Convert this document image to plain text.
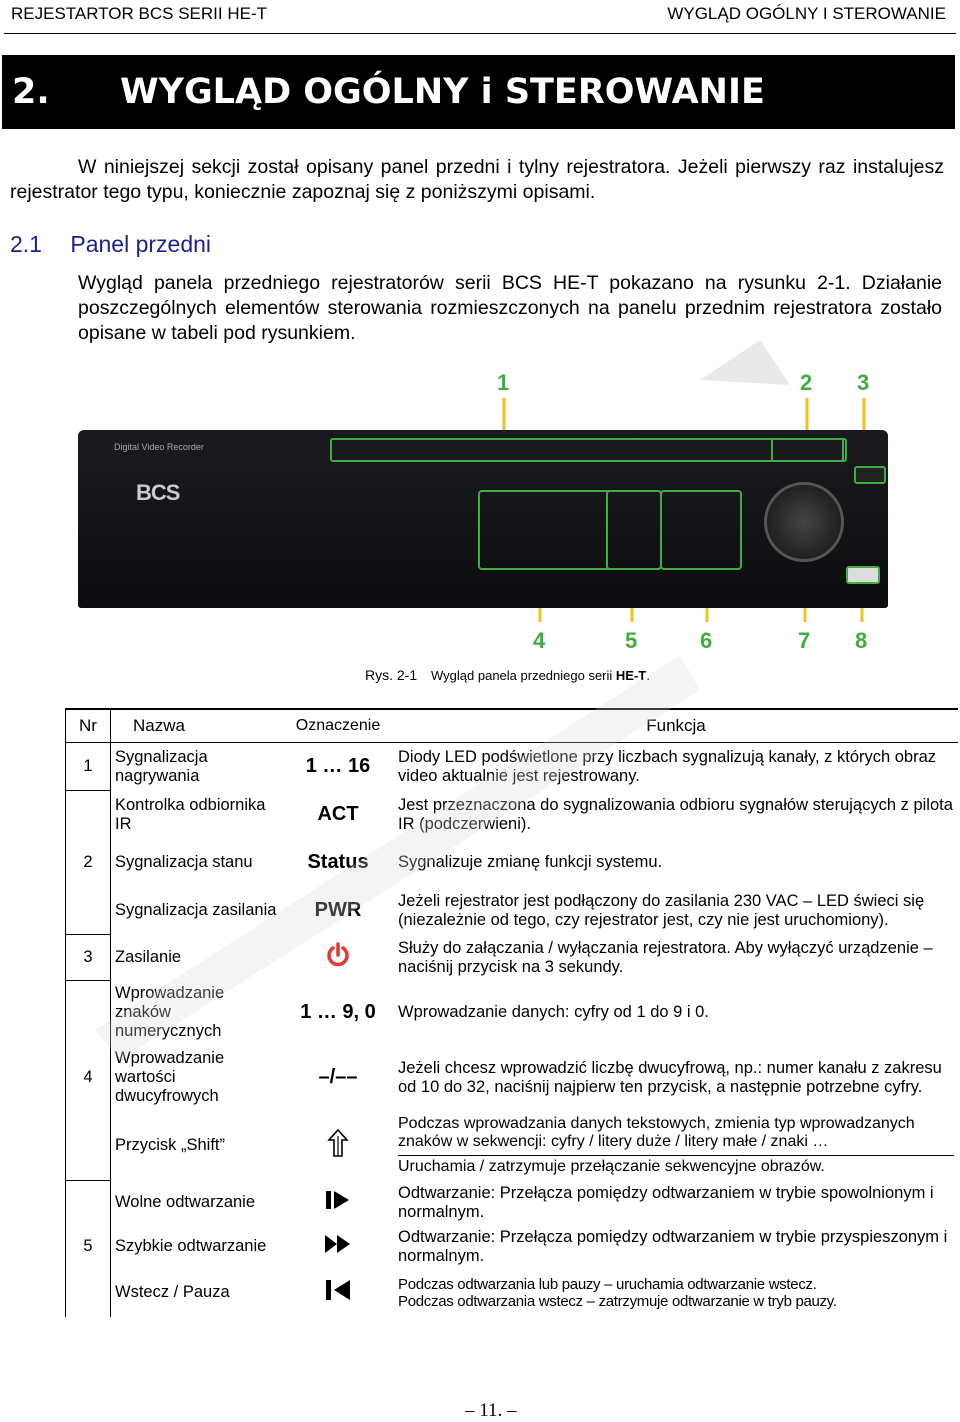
REJESTARTOR BCS SERII HE-T	WYGLĄD OGÓLNY I STEROWANIE
2. WYGLĄD OGÓLNY i STEROWANIE
W niniejszej sekcji został opisany panel przedni i tylny rejestratora. Jeżeli pierwszy raz instalujesz rejestrator tego typu, koniecznie zapoznaj się z poniższymi opisami.
2.1 Panel przedni
Wygląd panela przedniego rejestratorów serii BCS HE-T pokazano na rysunku 2-1. Działanie poszczególnych elementów sterowania rozmieszczonych na panelu przednim rejestratora zostało opisane w tabeli pod rysunkiem.
Digital Video Recorder
BCS
1	2 3
4	5	6	7 8
Rys. 2-1 Wygląd panela przedniego serii HE-T.
Nr	Nazwa	Oznaczenie	Funkcja
1	Sygnalizacja nagrywania	1 … 16	Diody LED podświetlone przy liczbach sygnalizują kanały, z których obraz video aktualnie jest rejestrowany.
	Kontrolka odbiornika IR	ACT	Jest przeznaczona do sygnalizowania odbioru sygnałów sterujących z pilota IR (podczerwieni).
2	Sygnalizacja stanu	Status	Sygnalizuje zmianę funkcji systemu.
	Sygnalizacja zasilania	PWR	Jeżeli rejestrator jest podłączony do zasilania 230 VAC – LED świeci się (niezależnie od tego, czy rejestrator jest, czy nie jest uruchomiony).
3	Zasilanie		Służy do załączania / wyłączania rejestratora. Aby wyłączyć urządzenie – naciśnij przycisk na 3 sekundy.
	Wprowadzanie znaków numerycznych	1 … 9, 0	Wprowadzanie danych: cyfry od 1 do 9 i 0.
4	Wprowadzanie wartości dwucyfrowych	–/––	Jeżeli chcesz wprowadzić liczbę dwucyfrową, np.: numer kanału z zakresu od 10 do 32, naciśnij najpierw ten przycisk, a następnie potrzebne cyfry.
	Przycisk „Shift”		Podczas wprowadzania danych tekstowych, zmienia typ wprowadzanych znaków w sekwencji: cyfry / litery duże / litery małe / znaki …
Uruchamia / zatrzymuje przełączanie sekwencyjne obrazów.

	Wolne odtwarzanie		Odtwarzanie: Przełącza pomiędzy odtwarzaniem w trybie spowolnionym i normalnym.
5	Szybkie odtwarzanie		Odtwarzanie: Przełącza pomiędzy odtwarzaniem w trybie przyspieszonym i normalnym.
	Wstecz / Pauza		Podczas odtwarzania lub pauzy – uruchamia odtwarzanie wstecz.
Podczas odtwarzania wstecz – zatrzymuje odtwarzanie w tryb pauzy.
– 11. –
